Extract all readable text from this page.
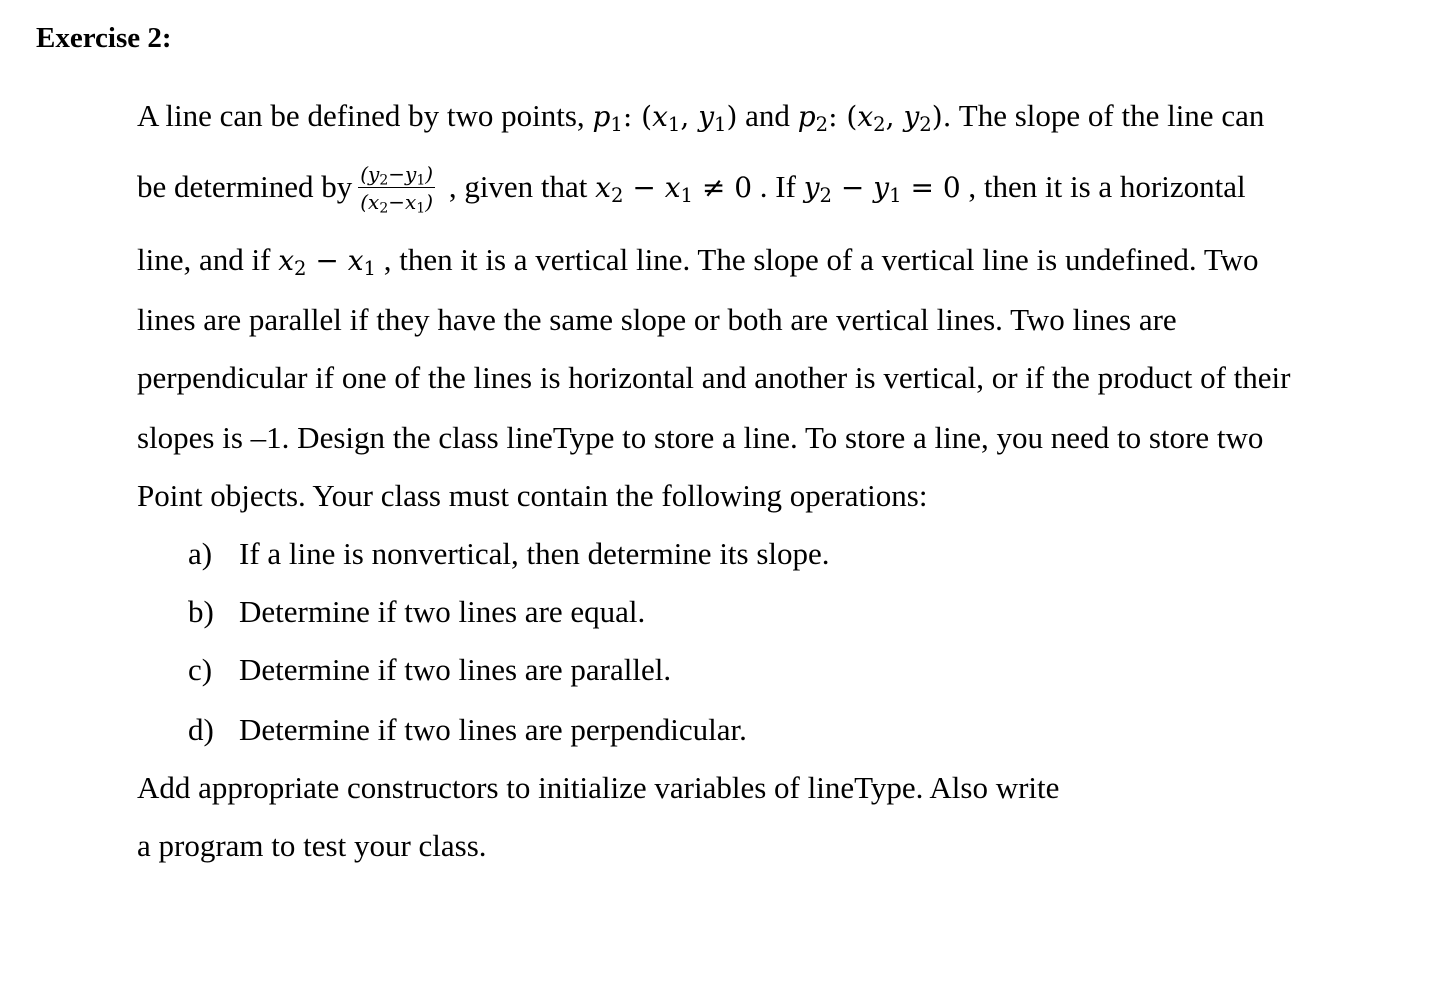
Exercise 2:
A line can be defined by two points, $p_1$: ($x_1$, $y_1$) and $p_2$: ($x_2$, $y_2$). The slope of the line can
be determined by $\frac{(y_2-y_1)}{(x_2-x_1)}$ , given that $x_2 - x_1 \ne 0$ . If $y_2 - y_1 = 0$ , then it is a horizontal
line, and if $x_2 - x_1$ , then it is a vertical line. The slope of a vertical line is undefined. Two
lines are parallel if they have the same slope or both are vertical lines. Two lines are
perpendicular if one of the lines is horizontal and another is vertical, or if the product of their
slopes is –1. Design the class lineType to store a line. To store a line, you need to store two
Point objects. Your class must contain the following operations:
a) If a line is nonvertical, then determine its slope.
b) Determine if two lines are equal.
c) Determine if two lines are parallel.
d) Determine if two lines are perpendicular.
Add appropriate constructors to initialize variables of lineType. Also write
a program to test your class.
